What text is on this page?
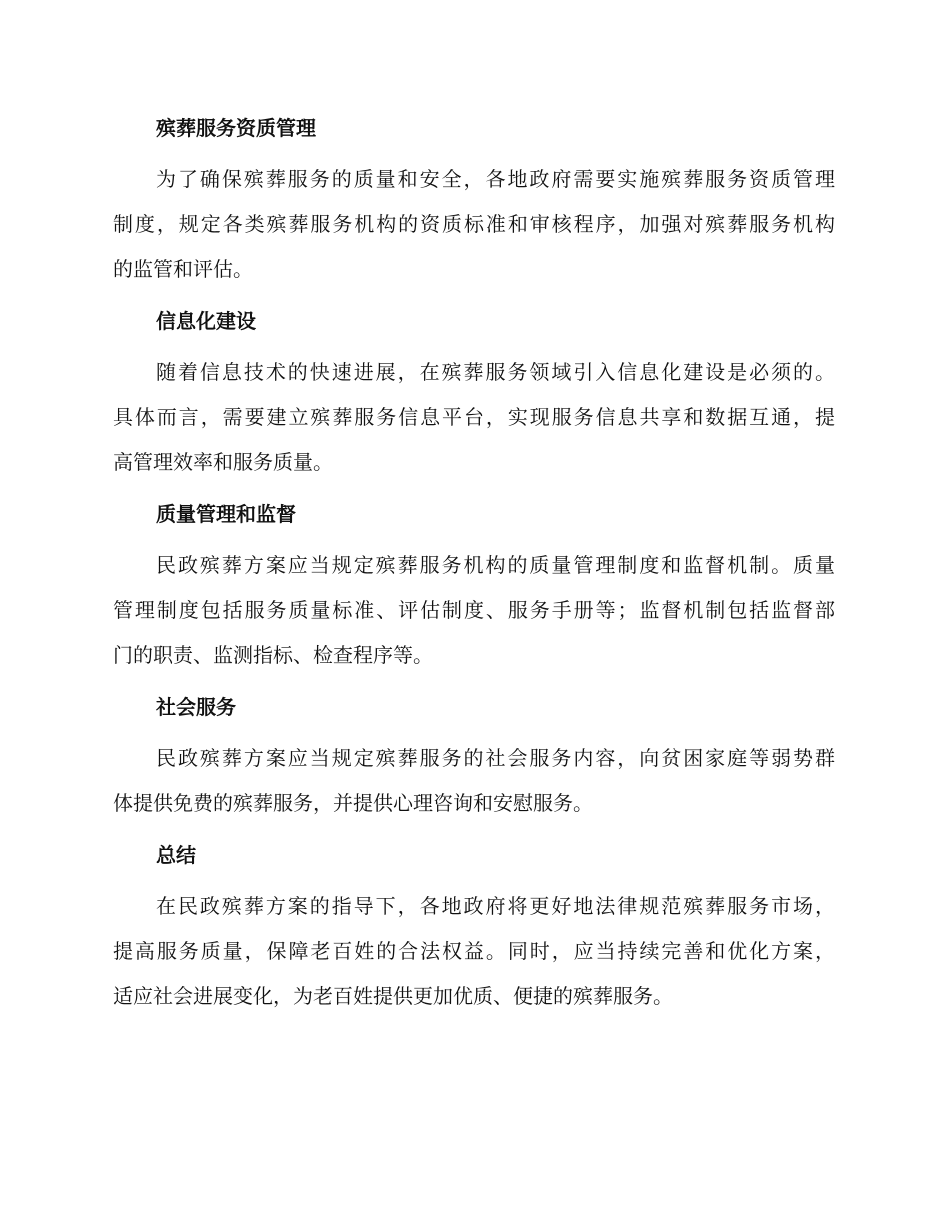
殡葬服务资质管理

为了确保殡葬服务的质量和安全，各地政府需要实施殡葬服务资质管理
制度，规定各类殡葬服务机构的资质标准和审核程序，加强对殡葬服务机构
的监管和评估。

信息化建设

随着信息技术的快速进展，在殡葬服务领域引入信息化建设是必须的。
具体而言，需要建立殡葬服务信息平台，实现服务信息共享和数据互通，提
高管理效率和服务质量。

质量管理和监督

民政殡葬方案应当规定殡葬服务机构的质量管理制度和监督机制。质量
管理制度包括服务质量标准、评估制度、服务手册等；监督机制包括监督部
门的职责、监测指标、检查程序等。

社会服务

民政殡葬方案应当规定殡葬服务的社会服务内容，向贫困家庭等弱势群
体提供免费的殡葬服务，并提供心理咨询和安慰服务。

总结

在民政殡葬方案的指导下，各地政府将更好地法律规范殡葬服务市场，
提高服务质量，保障老百姓的合法权益。同时，应当持续完善和优化方案，
适应社会进展变化，为老百姓提供更加优质、便捷的殡葬服务。
